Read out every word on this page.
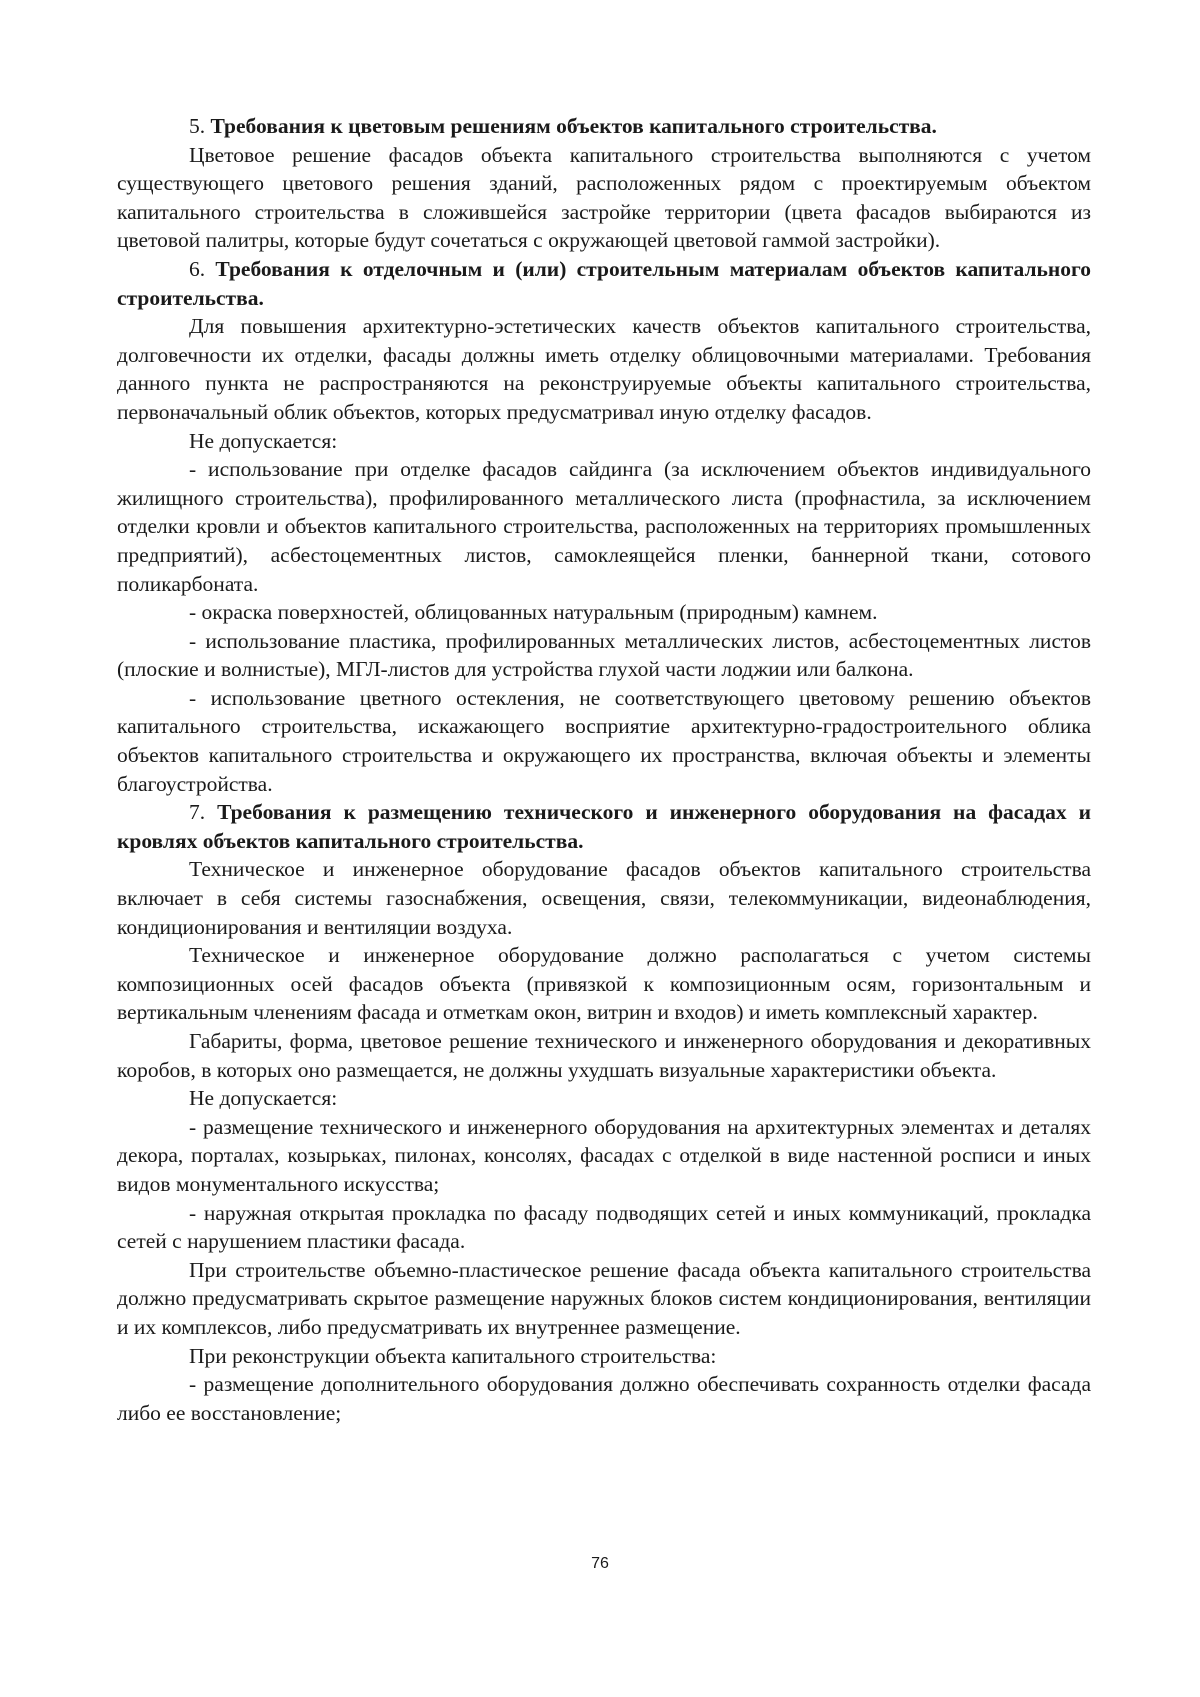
5. Требования к цветовым решениям объектов капитального строительства.

Цветовое решение фасадов объекта капитального строительства выполняются с учетом существующего цветового решения зданий, расположенных рядом с проектируемым объектом капитального строительства в сложившейся застройке территории (цвета фасадов выбираются из цветовой палитры, которые будут сочетаться с окружающей цветовой гаммой застройки).

6. Требования к отделочным и (или) строительным материалам объектов капитального строительства.

Для повышения архитектурно-эстетических качеств объектов капитального строительства, долговечности их отделки, фасады должны иметь отделку облицовочными материалами. Требования данного пункта не распространяются на реконструируемые объекты капитального строительства, первоначальный облик объектов, которых предусматривал иную отделку фасадов.

Не допускается:

- использование при отделке фасадов сайдинга (за исключением объектов индивидуального жилищного строительства), профилированного металлического листа (профнастила, за исключением отделки кровли и объектов капитального строительства, расположенных на территориях промышленных предприятий), асбестоцементных листов, самоклеящейся пленки, баннерной ткани, сотового поликарбоната.

- окраска поверхностей, облицованных натуральным (природным) камнем.

- использование пластика, профилированных металлических листов, асбестоцементных листов (плоские и волнистые), МГЛ-листов для устройства глухой части лоджии или балкона.

- использование цветного остекления, не соответствующего цветовому решению объектов капитального строительства, искажающего восприятие архитектурно-градостроительного облика объектов капитального строительства и окружающего их пространства, включая объекты и элементы благоустройства.

7. Требования к размещению технического и инженерного оборудования на фасадах и кровлях объектов капитального строительства.

Техническое и инженерное оборудование фасадов объектов капитального строительства включает в себя системы газоснабжения, освещения, связи, телекоммуникации, видеонаблюдения, кондиционирования и вентиляции воздуха.

Техническое и инженерное оборудование должно располагаться с учетом системы композиционных осей фасадов объекта (привязкой к композиционным осям, горизонтальным и вертикальным членениям фасада и отметкам окон, витрин и входов) и иметь комплексный характер.

Габариты, форма, цветовое решение технического и инженерного оборудования и декоративных коробов, в которых оно размещается, не должны ухудшать визуальные характеристики объекта.

Не допускается:

- размещение технического и инженерного оборудования на архитектурных элементах и деталях декора, порталах, козырьках, пилонах, консолях, фасадах с отделкой в виде настенной росписи и иных видов монументального искусства;

- наружная открытая прокладка по фасаду подводящих сетей и иных коммуникаций, прокладка сетей с нарушением пластики фасада.

При строительстве объемно-пластическое решение фасада объекта капитального строительства должно предусматривать скрытое размещение наружных блоков систем кондиционирования, вентиляции и их комплексов, либо предусматривать их внутреннее размещение.

При реконструкции объекта капитального строительства:

- размещение дополнительного оборудования должно обеспечивать сохранность отделки фасада либо ее восстановление;

76
